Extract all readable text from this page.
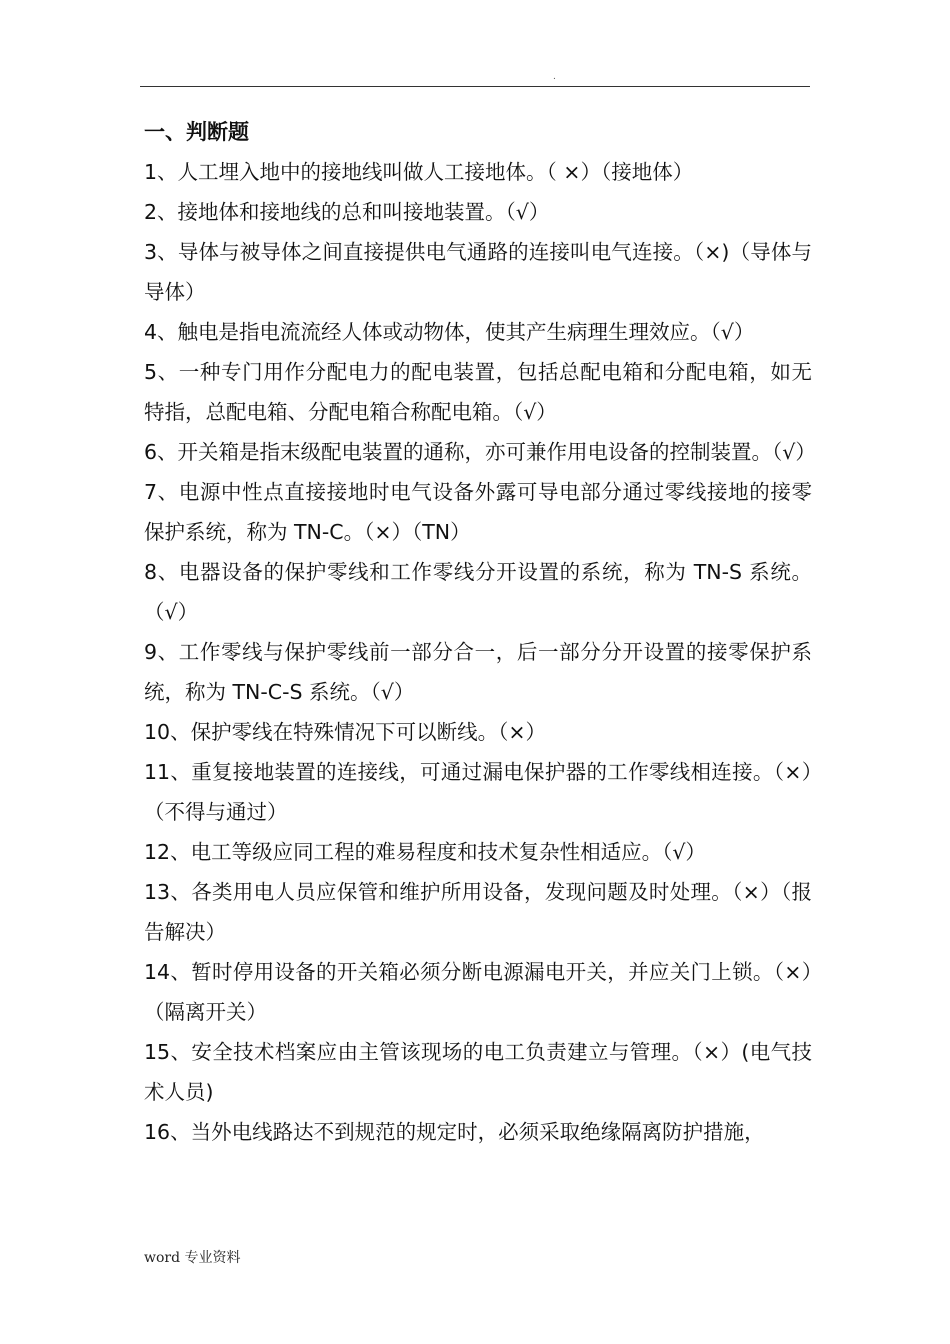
.

一、判断题

1、人工埋入地中的接地线叫做人工接地体。（ ×）（接地体）

2、接地体和接地线的总和叫接地装置。（√）

3、导体与被导体之间直接提供电气通路的连接叫电气连接。（×)（导体与导体）

4、触电是指电流流经人体或动物体，使其产生病理生理效应。（√）

5、一种专门用作分配电力的配电装置，包括总配电箱和分配电箱，如无特指，总配电箱、分配电箱合称配电箱。（√）

6、开关箱是指末级配电装置的通称，亦可兼作用电设备的控制装置。（√）

7、电源中性点直接接地时电气设备外露可导电部分通过零线接地的接零保护系统，称为 TN-C。（×）（TN）

8、电器设备的保护零线和工作零线分开设置的系统，称为 TN-S 系统。（√）

9、工作零线与保护零线前一部分合一，后一部分分开设置的接零保护系统，称为 TN-C-S 系统。（√）

10、保护零线在特殊情况下可以断线。（×）

11、重复接地装置的连接线，可通过漏电保护器的工作零线相连接。（×）（不得与通过）

12、电工等级应同工程的难易程度和技术复杂性相适应。（√）

13、各类用电人员应保管和维护所用设备，发现问题及时处理。（×）（报告解决）

14、暂时停用设备的开关箱必须分断电源漏电开关，并应关门上锁。（×）（隔离开关）

15、安全技术档案应由主管该现场的电工负责建立与管理。（×）(电气技术人员)

16、当外电线路达不到规范的规定时，必须采取绝缘隔离防护措施，

word 专业资料
